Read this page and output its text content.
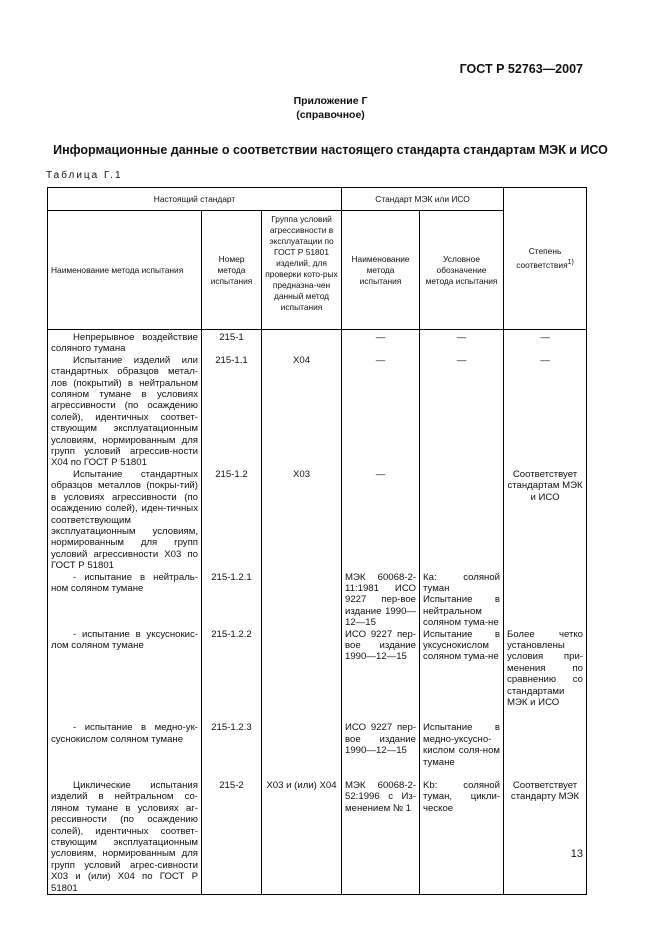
ГОСТ Р 52763—2007
Приложение Г
(справочное)
Информационные данные о соответствии настоящего стандарта стандартам МЭК и ИСО
Таблица Г.1
Настоящий стандарт			Стандарт МЭК или ИСО		Степень соответствия$^{1)}$
Наименование метода испытания	Номер метода испытания	Группа условий агрессивности в эксплуатации по ГОСТ Р 51801 изделий, для проверки кото-рых предназна-чен данный метод испытания	Наименование метода испытания	Условное обозначение метода испытания	
Непрерывное воздействие соляного тумана	215-1		—	—	—
Испытание изделий или стандартных образцов метал-лов (покрытий) в нейтральном соляном тумане в условиях агрессивности (по осаждению солей), идентичных соответ-ствующим эксплуатационным условиям, нормированным для групп условий агрессив-ности Х04 по ГОСТ Р 51801	215-1.1	Х04	—	—	—
Испытание стандартных образцов металлов (покры-тий) в условиях агрессивности (по осаждению солей), иден-тичных соответствующим эксплуатационным условиям, нормированным для групп условий агрессивности Х03 по ГОСТ Р 51801	215-1.2	Х03	—		Соответствует стандартам МЭК и ИСО
- испытание в нейтраль-ном соляном тумане	215-1.2.1		МЭК 60068-2-11:1981 ИСО 9227 пер-вое издание 1990—12—15	Ка: соляной туман Испытание в нейтральном соляном тума-не	
- испытание в уксуснокис-лом соляном тумане	215-1.2.2		ИСО 9227 пер-вое издание 1990—12—15	Испытание в уксуснокислом соляном тума-не	Более четко установлены условия при-менения по сравнению со стандартами МЭК и ИСО
- испытание в медно-ук-суснокислом соляном тумане	215-1.2.3		ИСО 9227 пер-вое издание 1990—12—15	Испытание в медно-уксусно-кислом соля-ном тумане	
Циклические испытания изделий в нейтральном со-ляном тумане в условиях аг-рессивности (по осаждению солей), идентичных соответ-ствующим эксплуатационным условиям, нормированным для групп условий агрес-сивности Х03 и (или) Х04 по ГОСТ Р 51801	215-2	Х03 и (или) Х04	МЭК 60068-2-52:1996 с Из-менением № 1	Kb: соляной туман, цикли-ческое	Соответствует стандарту МЭК
13
